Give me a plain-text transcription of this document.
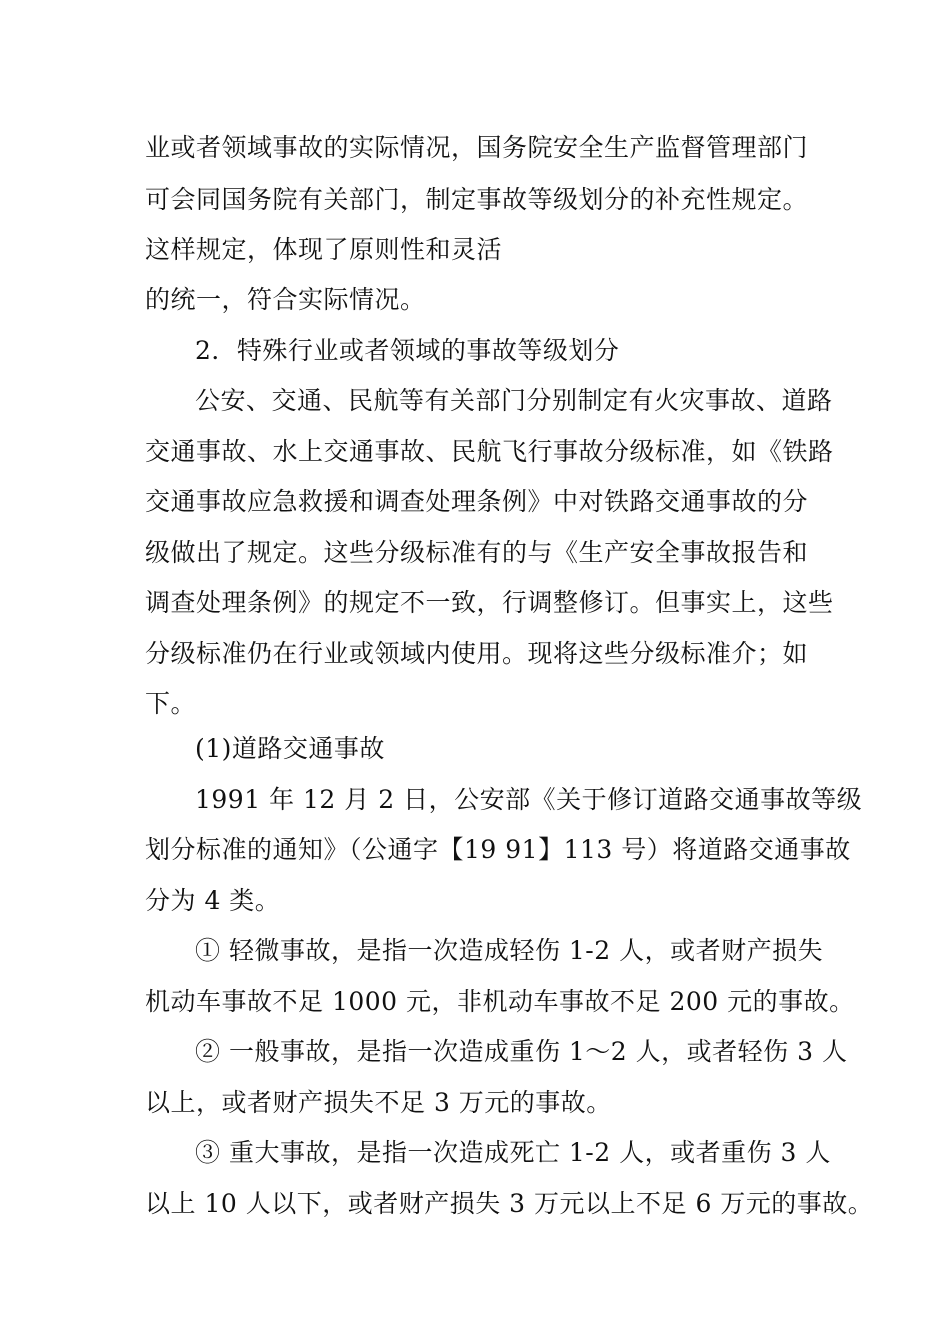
业或者领域事故的实际情况，国务院安全生产监督管理部门
可会同国务院有关部门，制定事故等级划分的补充性规定。
这样规定，体现了原则性和灵活
的统一，符合实际情况。
2．特殊行业或者领域的事故等级划分
公安、交通、民航等有关部门分别制定有火灾事故、道路
交通事故、水上交通事故、民航飞行事故分级标准，如《铁路
交通事故应急救援和调查处理条例》中对铁路交通事故的分
级做出了规定。这些分级标准有的与《生产安全事故报告和
调查处理条例》的规定不一致，行调整修订。但事实上，这些
分级标准仍在行业或领域内使用。现将这些分级标准介；如
下。
(1)道路交通事故
1991 年 12 月 2 日，公安部《关于修订道路交通事故等级
划分标准的通知》（公通字【19 91】113 号）将道路交通事故
分为 4 类。
① 轻微事故，是指一次造成轻伤 1-2 人，或者财产损失
机动车事故不足 1000 元，非机动车事故不足 200 元的事故。
② 一般事故，是指一次造成重伤 1～2 人，或者轻伤 3 人
以上，或者财产损失不足 3 万元的事故。
③ 重大事故，是指一次造成死亡 1-2 人，或者重伤 3 人
以上 10 人以下，或者财产损失 3 万元以上不足 6 万元的事故。
